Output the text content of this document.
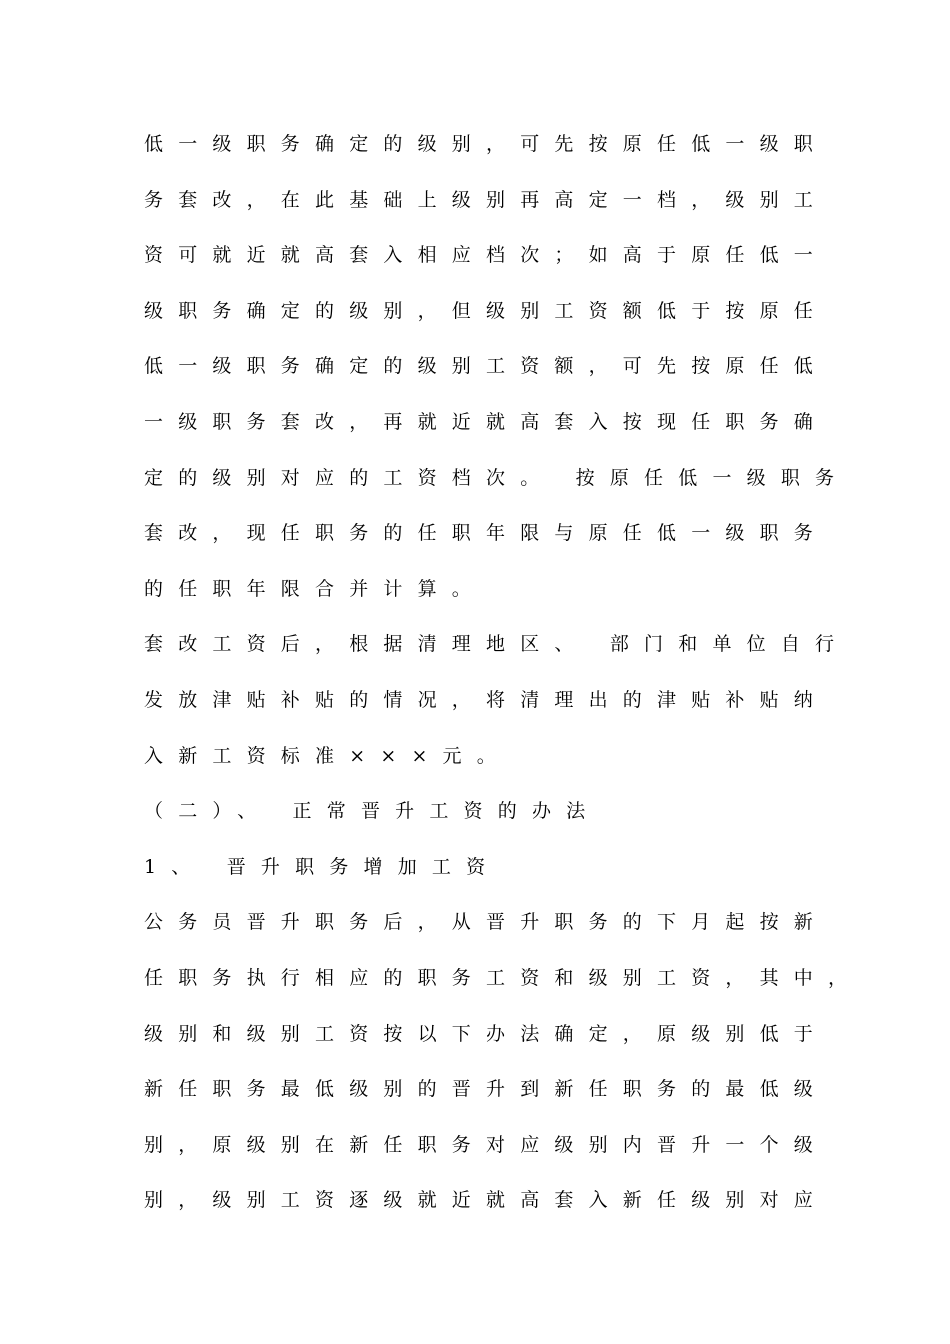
低一级职务确定的级别，可先按原任低一级职
务套改，在此基础上级别再高定一档，级别工
资可就近就高套入相应档次；如高于原任低一
级职务确定的级别，但级别工资额低于按原任
低一级职务确定的级别工资额，可先按原任低
一级职务套改，再就近就高套入按现任职务确
定的级别对应的工资档次。 按原任低一级职务
套改，现任职务的任职年限与原任低一级职务
的任职年限合并计算。
套改工资后，根据清理地区、 部门和单位自行
发放津贴补贴的情况，将清理出的津贴补贴纳
入新工资标准×××元。
（二）、 正常晋升工资的办法
1、 晋升职务增加工资
公务员晋升职务后，从晋升职务的下月起按新
任职务执行相应的职务工资和级别工资，其中，
级别和级别工资按以下办法确定，原级别低于
新任职务最低级别的晋升到新任职务的最低级
别，原级别在新任职务对应级别内晋升一个级
别，级别工资逐级就近就高套入新任级别对应
